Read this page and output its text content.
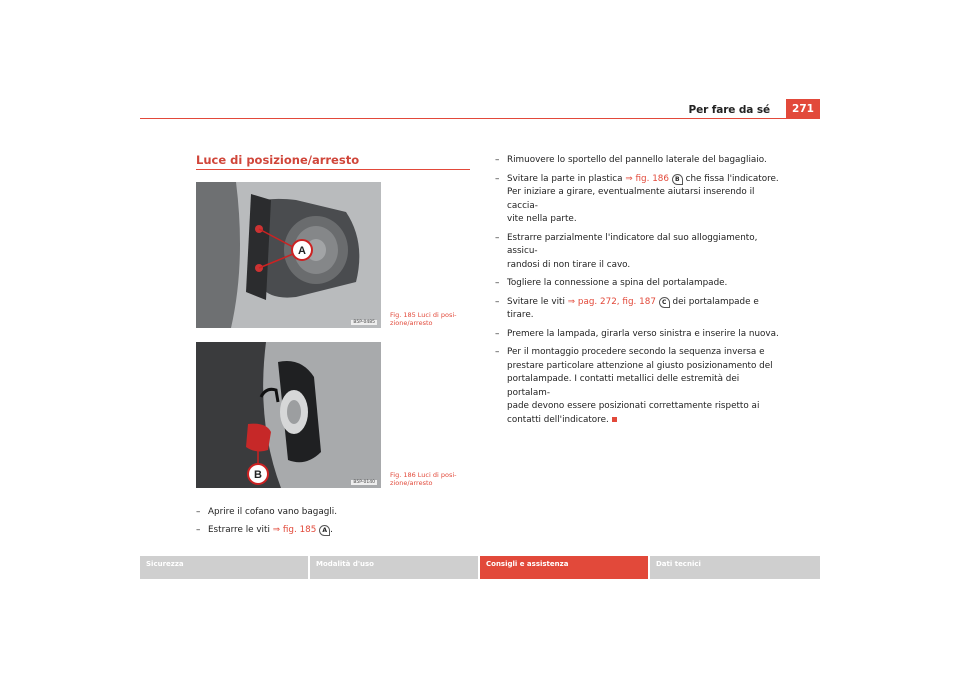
Per fare da sé	271
Luce di posizione/arresto
A
B5P-0485
Fig. 185 Luci di posi-
zione/arresto
B
B5P-0140
Fig. 186 Luci di posi-
zione/arresto
– Aprire il cofano vano bagagli.
– Estrarre le viti ⇒ fig. 185 A .
– Rimuovere lo sportello del pannello laterale del bagagliaio.
– Svitare la parte in plastica ⇒ fig. 186 B che fissa l'indicatore.
Per iniziare a girare, eventualmente aiutarsi inserendo il caccia-
vite nella parte.
– Estrarre parzialmente l'indicatore dal suo alloggiamento, assicu-
randosi di non tirare il cavo.
– Togliere la connessione a spina del portalampade.
– Svitare le viti ⇒ pag. 272, fig. 187 C dei portalampade e tirare.
– Premere la lampada, girarla verso sinistra e inserire la nuova.
– Per il montaggio procedere secondo la sequenza inversa e
prestare particolare attenzione al giusto posizionamento del
portalampade. I contatti metallici delle estremità dei portalam-
pade devono essere posizionati correttamente rispetto ai
contatti dell'indicatore.
Sicurezza	Modalità d'uso	Consigli e assistenza	Dati tecnici
